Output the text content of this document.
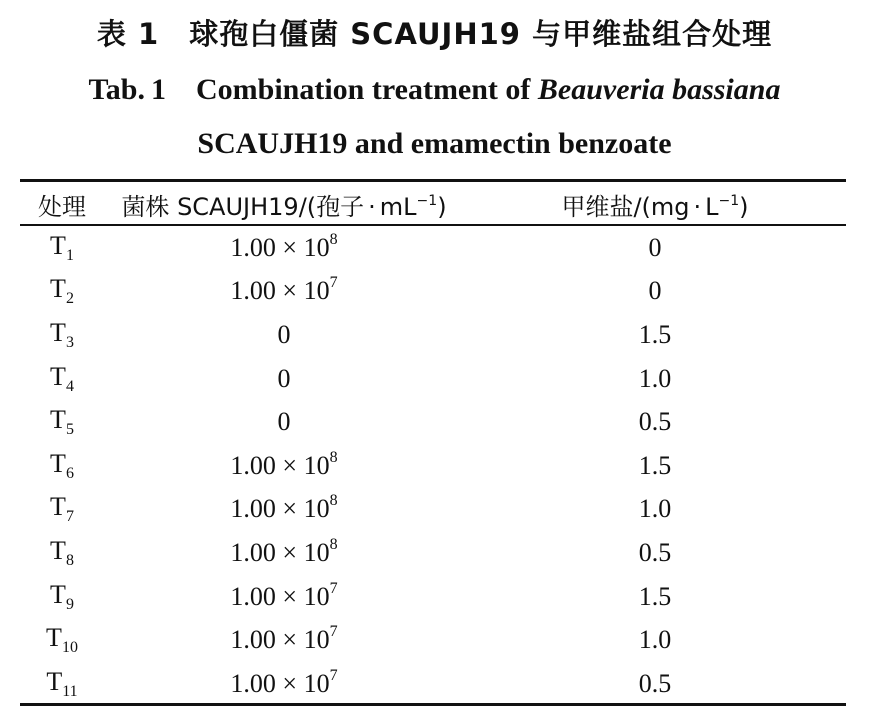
表 1 球孢白僵菌 SCAUJH19 与甲维盐组合处理
Tab. 1 Combination treatment of Beauveria bassiana
SCAUJH19 and emamectin benzoate
处理	菌株 SCAUJH19/(孢子 · $mL^{-1}$)	甲维盐$/(mg \cdot L^{-1})$
$T_1$	$1.00 \times 10^8$	0
$T_2$	$1.00 \times 10^7$	0
$T_3$	0	1.5
$T_4$	0	1.0
$T_5$	0	0.5
$T_6$	$1.00 \times 10^8$	1.5
$T_7$	$1.00 \times 10^8$	1.0
$T_8$	$1.00 \times 10^8$	0.5
$T_9$	$1.00 \times 10^7$	1.5
$T_{10}$	$1.00 \times 10^7$	1.0
$T_{11}$	$1.00 \times 10^7$	0.5
